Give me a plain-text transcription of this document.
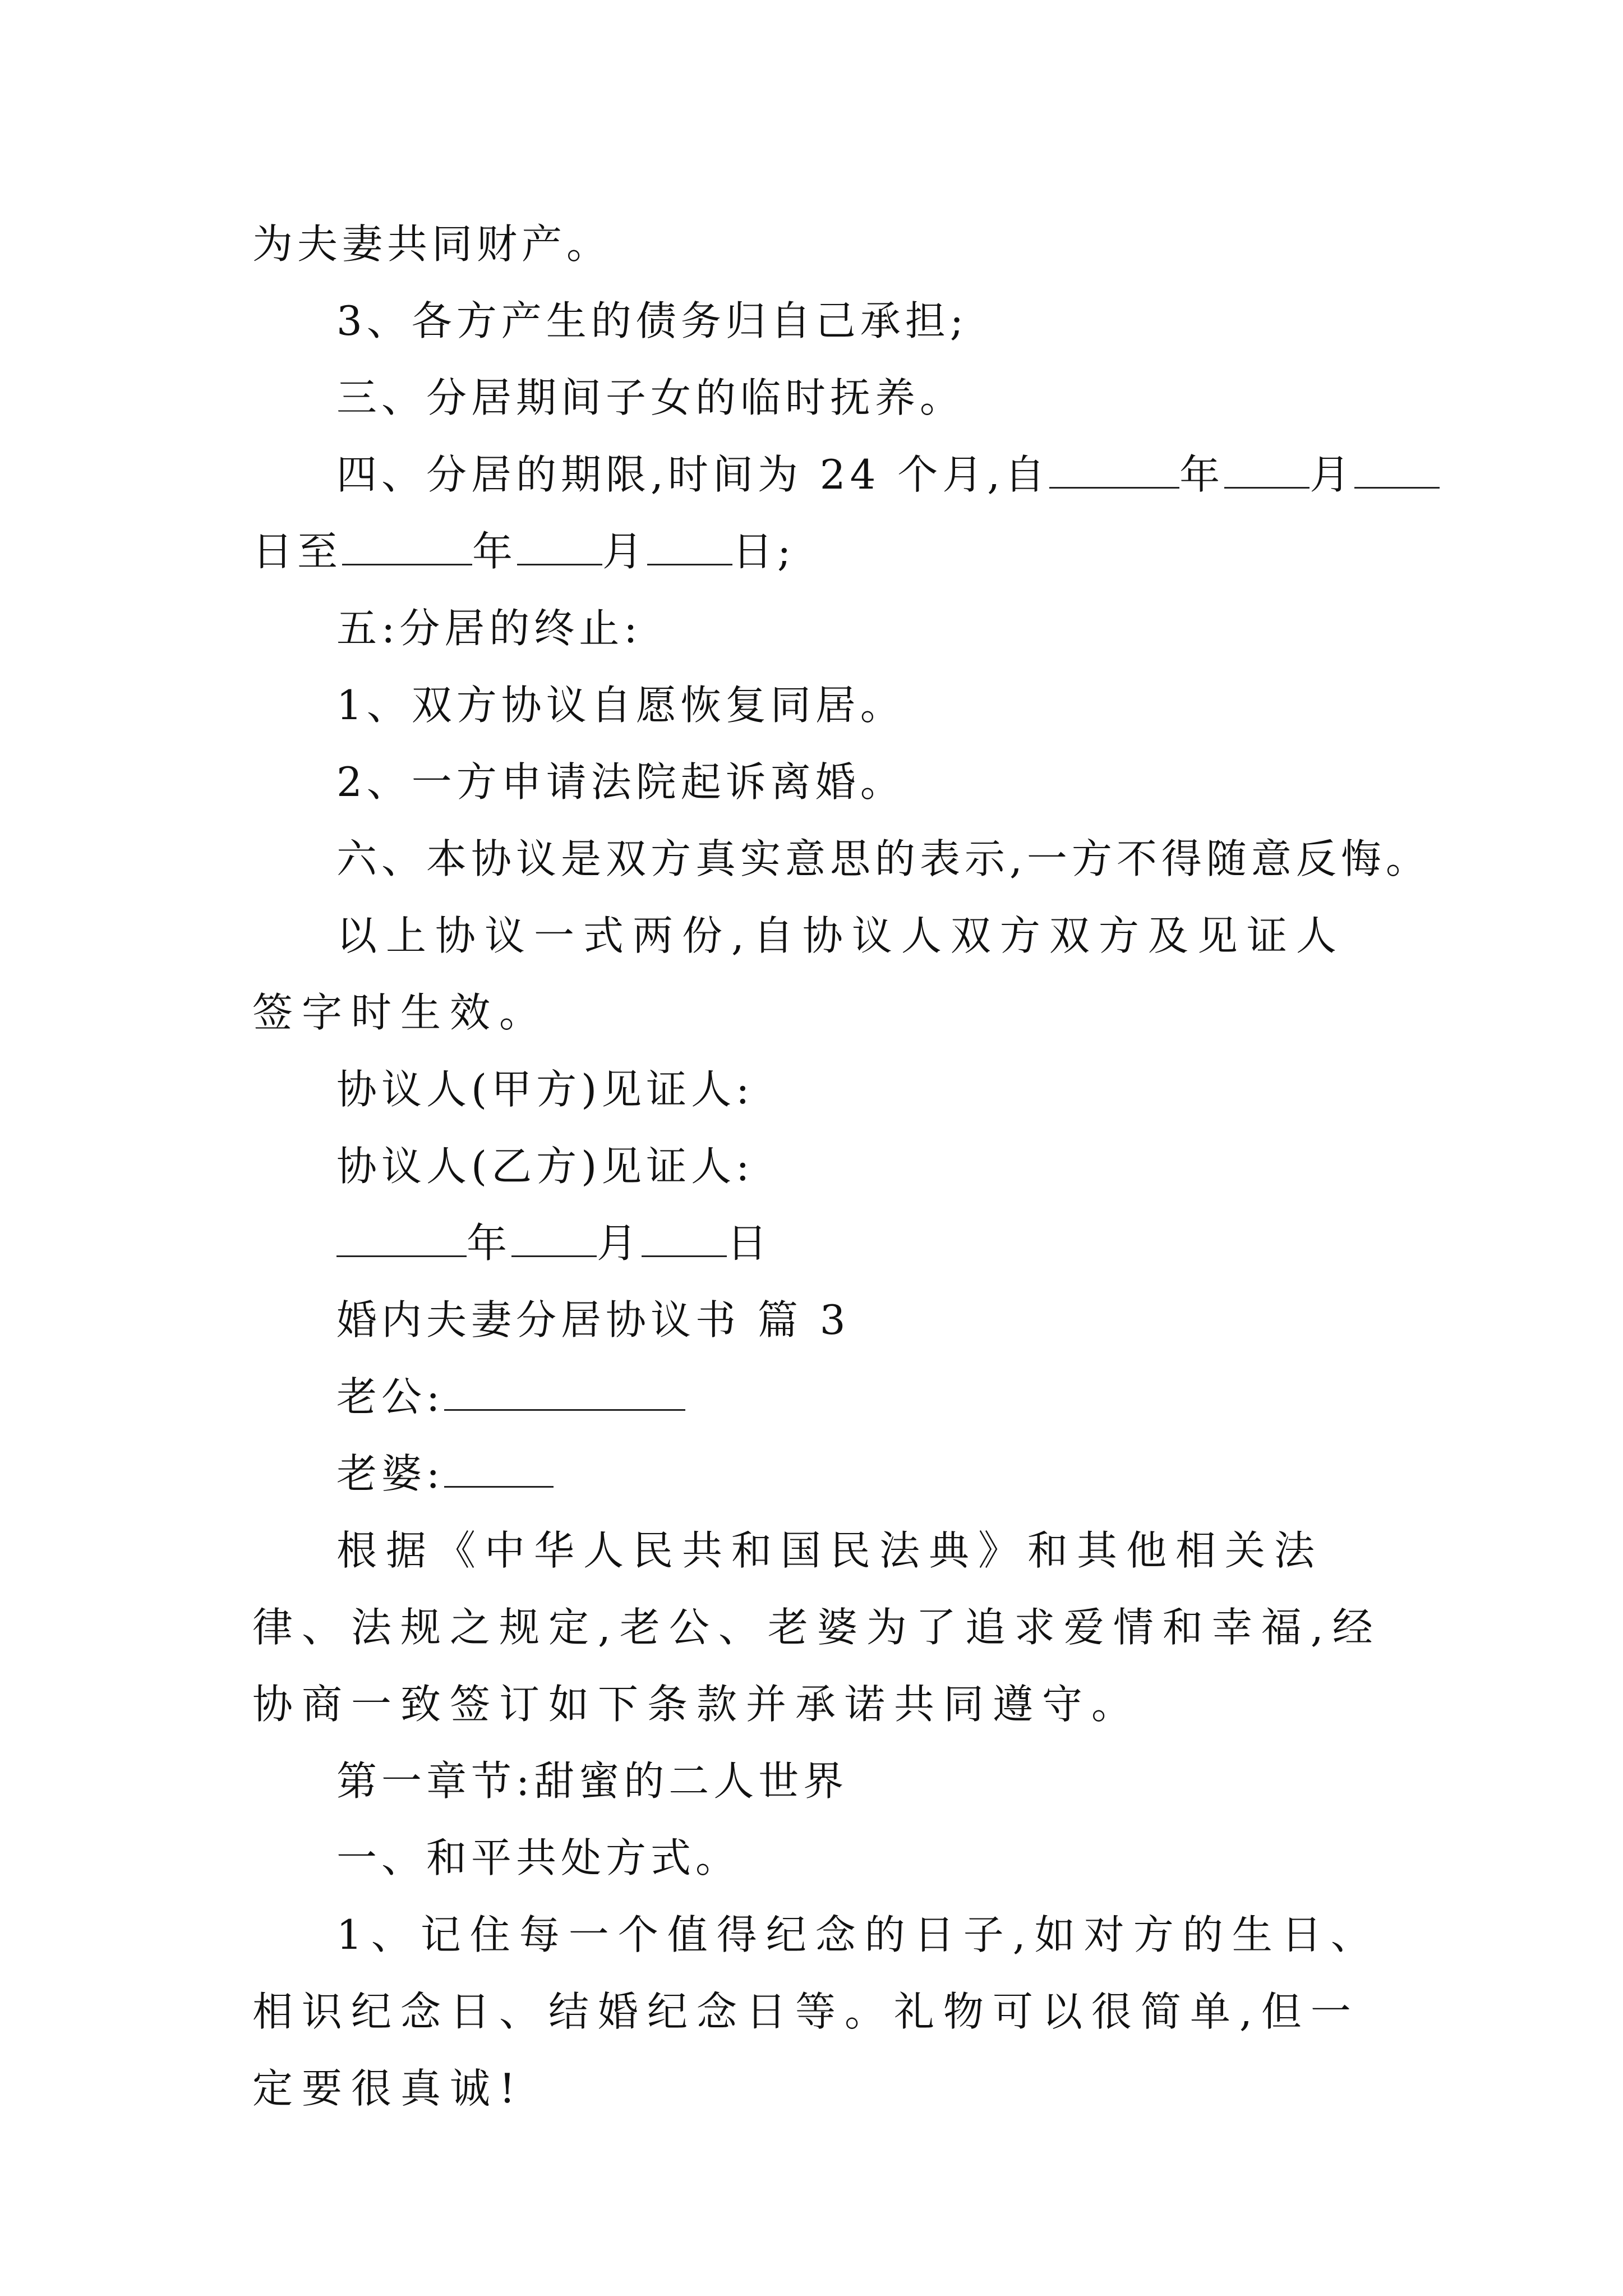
为夫妻共同财产。
3、各方产生的债务归自己承担;
三、分居期间子女的临时抚养。
四、分居的期限,时间为 24 个月,自	年 月
日至	年 月 日;
五:分居的终止:
1、双方协议自愿恢复同居。
2、一方申请法院起诉离婚。
六、本协议是双方真实意思的表示,一方不得随意反悔。
以上协议一式两份,自协议人双方双方及见证人签字时生效。
协议人(甲方)见证人:
协议人(乙方)见证人:
年 月 日
婚内夫妻分居协议书 篇 3
老公:
老婆:
根据《中华人民共和国民法典》和其他相关法律、法规之规定,老公、老婆为了追求爱情和幸福,经协商一致签订如下条款并承诺共同遵守。
第一章节:甜蜜的二人世界
一、和平共处方式。
1、记住每一个值得纪念的日子,如对方的生日、相识纪念日、结婚纪念日等。礼物可以很简单,但一定要很真诚!
